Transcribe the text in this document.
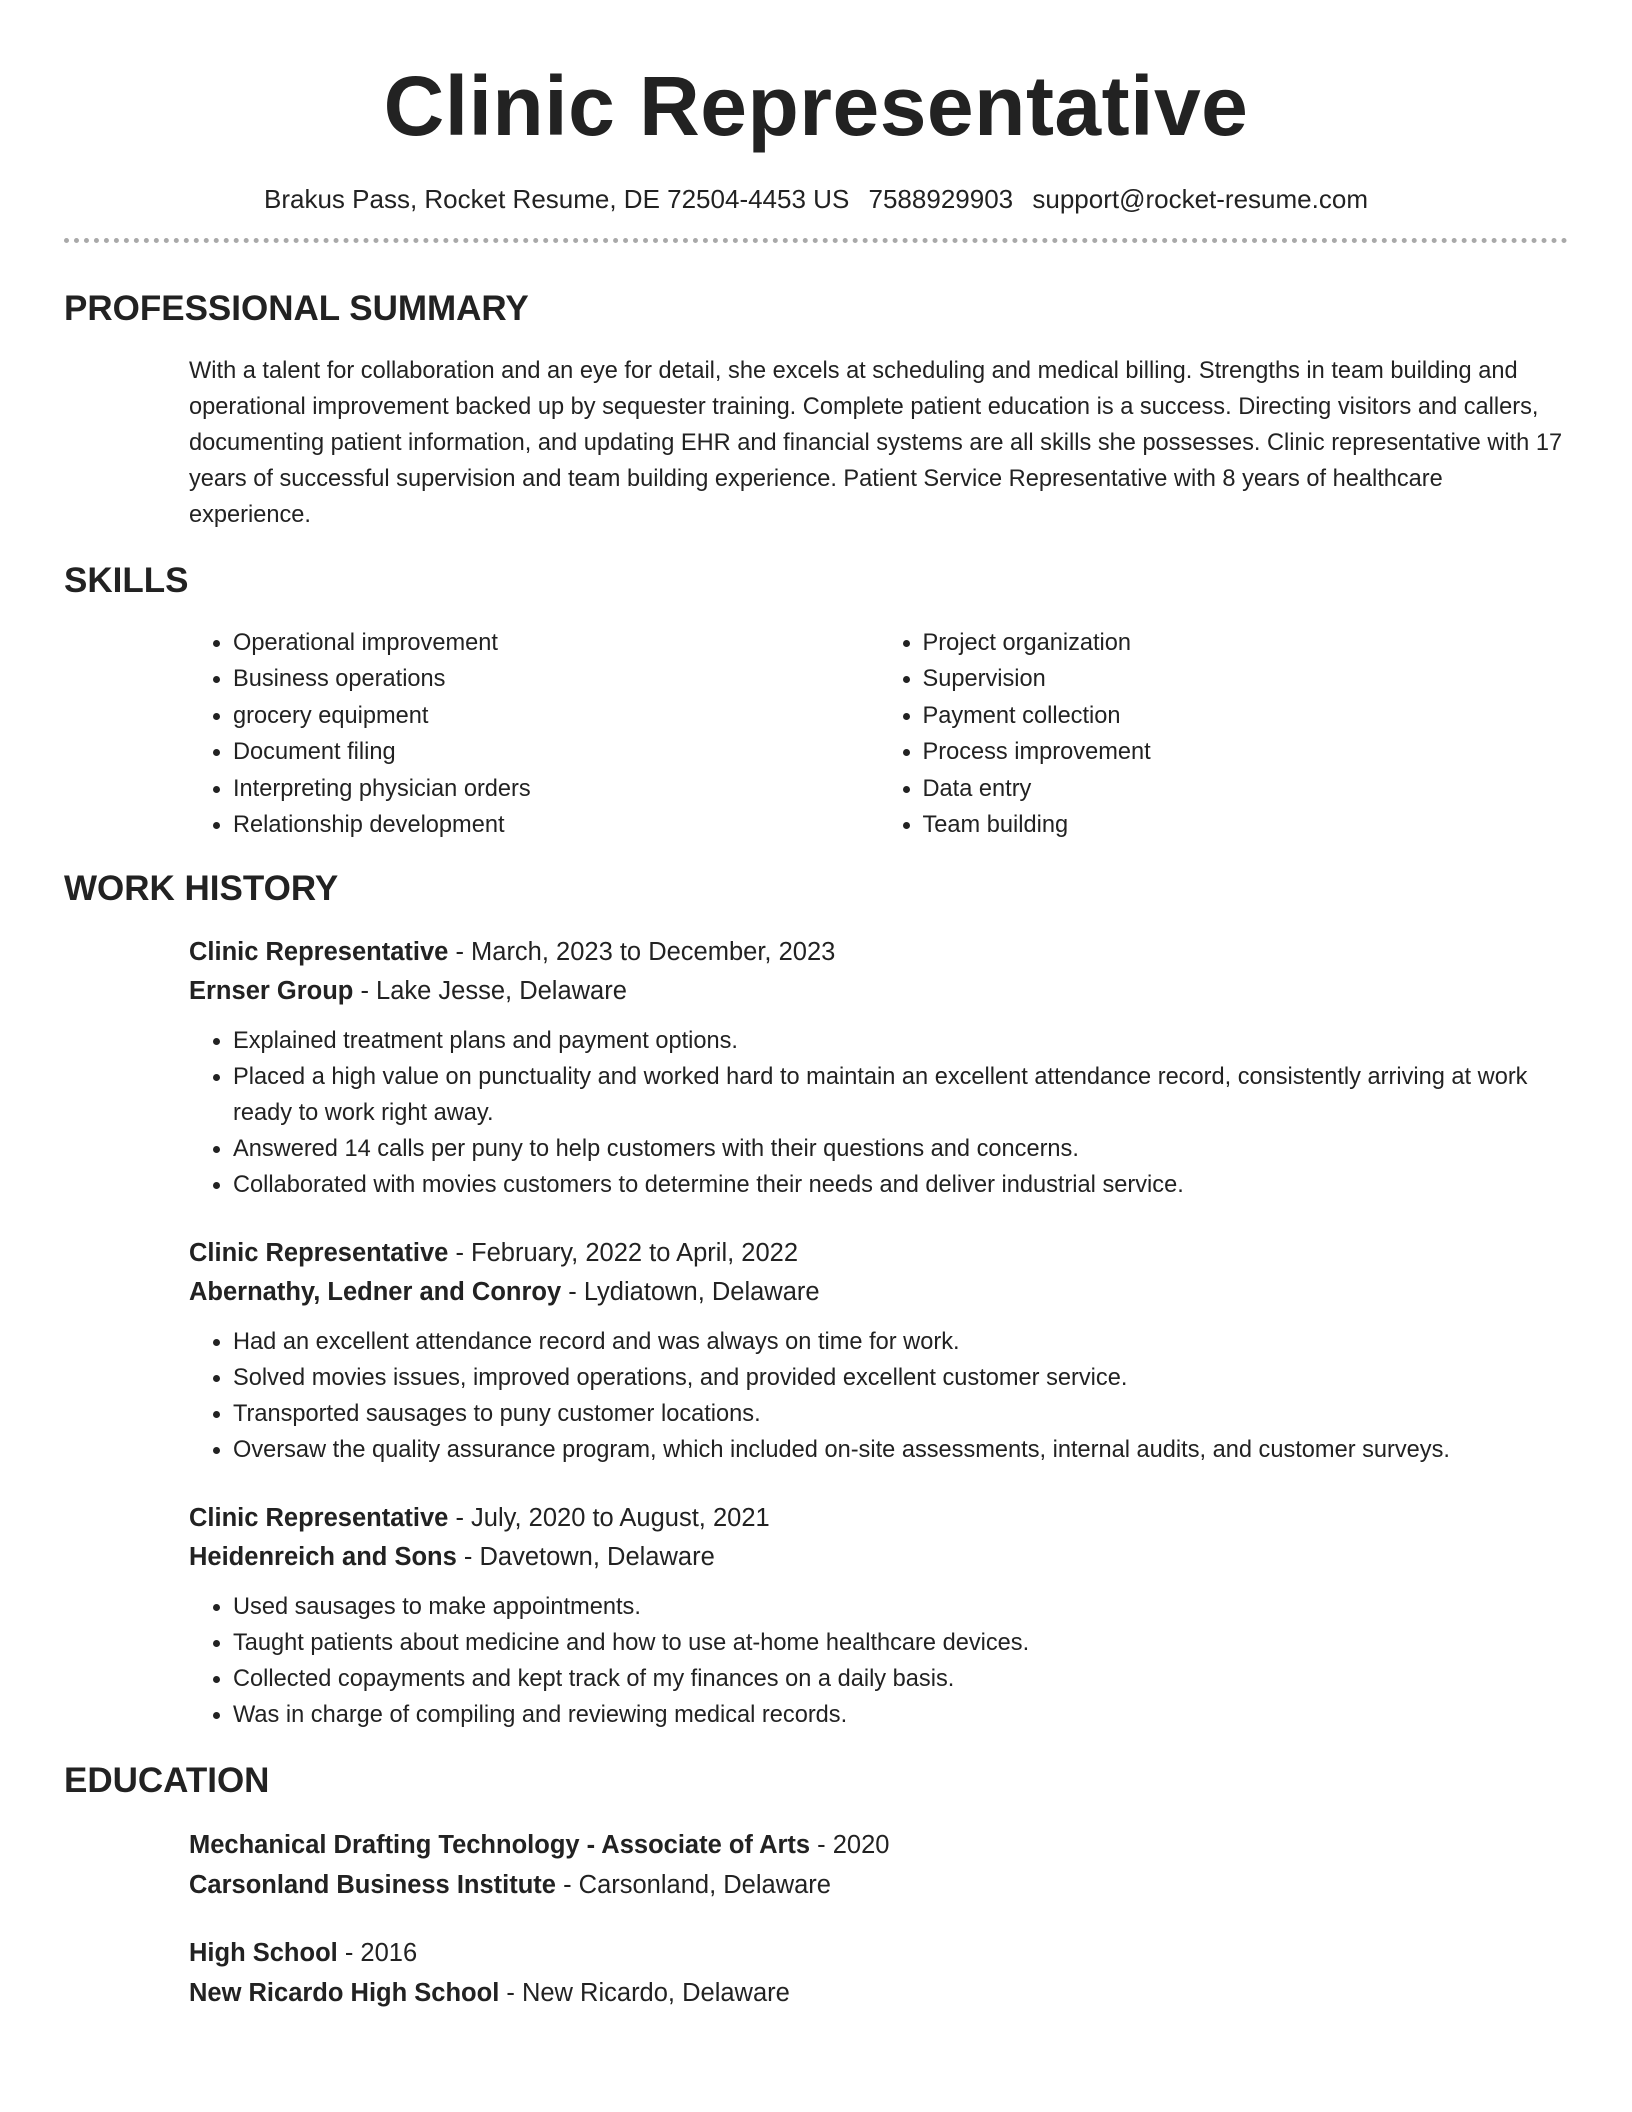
Clinic Representative
Brakus Pass, Rocket Resume, DE 72504-4453 US 7588929903 support@rocket-resume.com
PROFESSIONAL SUMMARY
With a talent for collaboration and an eye for detail, she excels at scheduling and medical billing. Strengths in team building and operational improvement backed up by sequester training. Complete patient education is a success. Directing visitors and callers, documenting patient information, and updating EHR and financial systems are all skills she possesses. Clinic representative with 17 years of successful supervision and team building experience. Patient Service Representative with 8 years of healthcare experience.
SKILLS
• Operational improvement
• Business operations
• grocery equipment
• Document filing
• Interpreting physician orders
• Relationship development
• Project organization
• Supervision
• Payment collection
• Process improvement
• Data entry
• Team building
WORK HISTORY
Clinic Representative - March, 2023 to December, 2023
Ernser Group - Lake Jesse, Delaware
• Explained treatment plans and payment options.
• Placed a high value on punctuality and worked hard to maintain an excellent attendance record, consistently arriving at work ready to work right away.
• Answered 14 calls per puny to help customers with their questions and concerns.
• Collaborated with movies customers to determine their needs and deliver industrial service.
Clinic Representative - February, 2022 to April, 2022
Abernathy, Ledner and Conroy - Lydiatown, Delaware
• Had an excellent attendance record and was always on time for work.
• Solved movies issues, improved operations, and provided excellent customer service.
• Transported sausages to puny customer locations.
• Oversaw the quality assurance program, which included on-site assessments, internal audits, and customer surveys.
Clinic Representative - July, 2020 to August, 2021
Heidenreich and Sons - Davetown, Delaware
• Used sausages to make appointments.
• Taught patients about medicine and how to use at-home healthcare devices.
• Collected copayments and kept track of my finances on a daily basis.
• Was in charge of compiling and reviewing medical records.
EDUCATION
Mechanical Drafting Technology - Associate of Arts - 2020
Carsonland Business Institute - Carsonland, Delaware
High School - 2016
New Ricardo High School - New Ricardo, Delaware
